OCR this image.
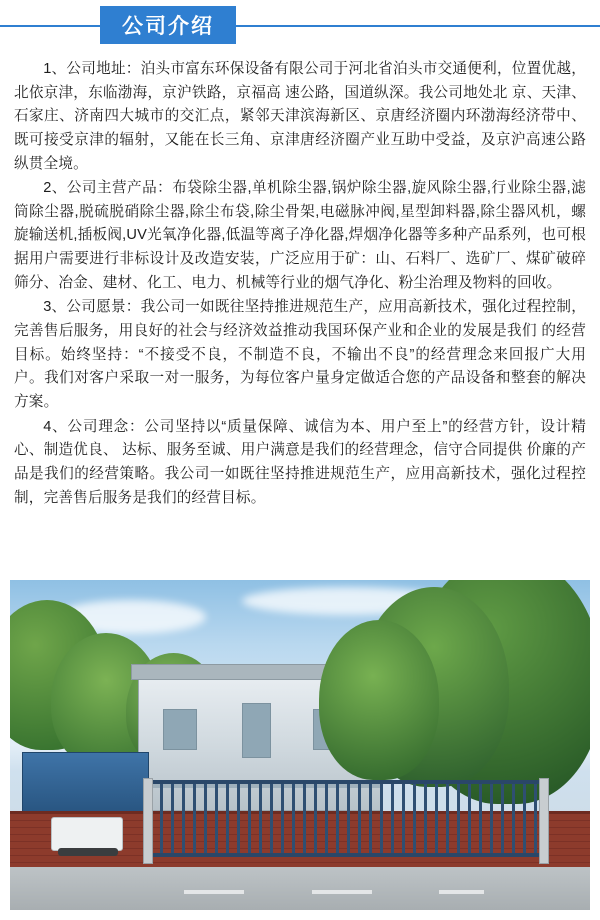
公司介绍

1、公司地址：泊头市富东环保设备有限公司于河北省泊头市交通便利，位置优越，北依京津，东临渤海，京沪铁路，京福高 速公路，国道纵深。我公司地处北 京、天津、石家庄、济南四大城市的交汇点，紧邻天津滨海新区、京唐经济圈内环渤海经济带中、既可接受京津的辐射，又能在长三角、京津唐经济圈产业互助中受益，及京沪高速公路纵贯全境。

2、公司主营产品：布袋除尘器,单机除尘器,锅炉除尘器,旋风除尘器,行业除尘器,滤筒除尘器,脱硫脱硝除尘器,除尘布袋,除尘骨架,电磁脉冲阀,星型卸料器,除尘器风机，螺旋输送机,插板阀,UV光氧净化器,低温等离子净化器,焊烟净化器等多种产品系列，也可根据用户需要进行非标设计及改造安装，广泛应用于矿：山、石料厂、选矿厂、煤矿破碎筛分、冶金、建材、化工、电力、机械等行业的烟气净化、粉尘治理及物料的回收。

3、公司愿景：我公司一如既往坚持推进规范生产，应用高新技术，强化过程控制，完善售后服务，用良好的社会与经济效益推动我国环保产业和企业的发展是我们 的经营目标。始终坚持：“不接受不良，不制造不良，不输出不良”的经营理念来回报广大用户。我们对客户采取一对一服务，为每位客户量身定做适合您的产品设备和整套的解决方案。

4、公司理念：公司坚持以“质量保障、诚信为本、用户至上”的经营方针，设计精心、制造优良、 达标、服务至诚、用户满意是我们的经营理念，信守合同提供 价廉的产品是我们的经营策略。我公司一如既往坚持推进规范生产，应用高新技术，强化过程控制，完善售后服务是我们的经营目标。
